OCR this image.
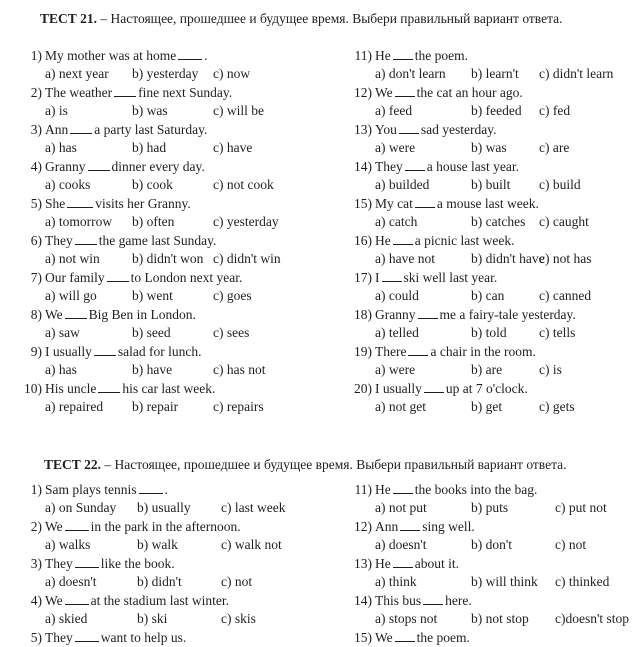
ТЕСТ 21. – Настоящее, прошедшее и будущее время. Выбери правильный вариант ответа.
ТЕСТ 22. – Настоящее, прошедшее и будущее время. Выбери правильный вариант ответа.
1) My mother was at home .
a) next year b) yesterday c) now
2) The weather fine next Sunday.
a) is	b) was	c) will be
3) Ann a party last Saturday.
a) has	b) had	c) have
4) Granny dinner every day.
a) cooks	b) cook	c) not cook
5) She visits her Granny.
a) tomorrow b) often	c) yesterday
6) They the game last Sunday.
a) not win b) didn't won c) didn't win
7) Our family to London next year.
a) will go	b) went	c) goes
8) We Big Ben in London.
a) saw	b) seed	c) sees
9) I usually salad for lunch.
a) has	b) have	c) has not
10) His uncle his car last week.
a) repaired b) repair	c) repairs
11) He the poem.
a) don't learn b) learn't c) didn't learn
12) We the cat an hour ago.
a) feed	b) feeded c) fed
13) You sad yesterday.
a) were	b) was c) are
14) They a house last year.
a) builded	b) built c) build
15) My cat a mouse last week.
a) catch	b) catches c) caught
16) He a picnic last week.
a) have not	b) didn't have
c) not has
17) I ski well last year.
a) could	b) can	c) canned
18) Granny me a fairy-tale yesterday.
a) telled	b) told c) tells
19) There a chair in the room.
a) were	b) are	c) is
20) I usually up at 7 o'clock.
a) not get	b) get	c) gets
1) Sam plays tennis .
a) on Sunday b) usually c) last week
2) We in the park in the afternoon.
a) walks	b) walk	c) walk not
3) They like the book.
a) doesn't	b) didn't	c) not
4) We at the stadium last winter.
a) skied	b) ski	c) skis
5) They want to help us.
11) He the books into the bag.
a) not put	b) puts	c) put not
12) Ann sing well.
a) doesn't	b) don't	c) not
13) He about it.
a) think	b) will think c) thinked
14) This bus here.
a) stops not	b) not stop c)doesn't stop
15) We the poem.
